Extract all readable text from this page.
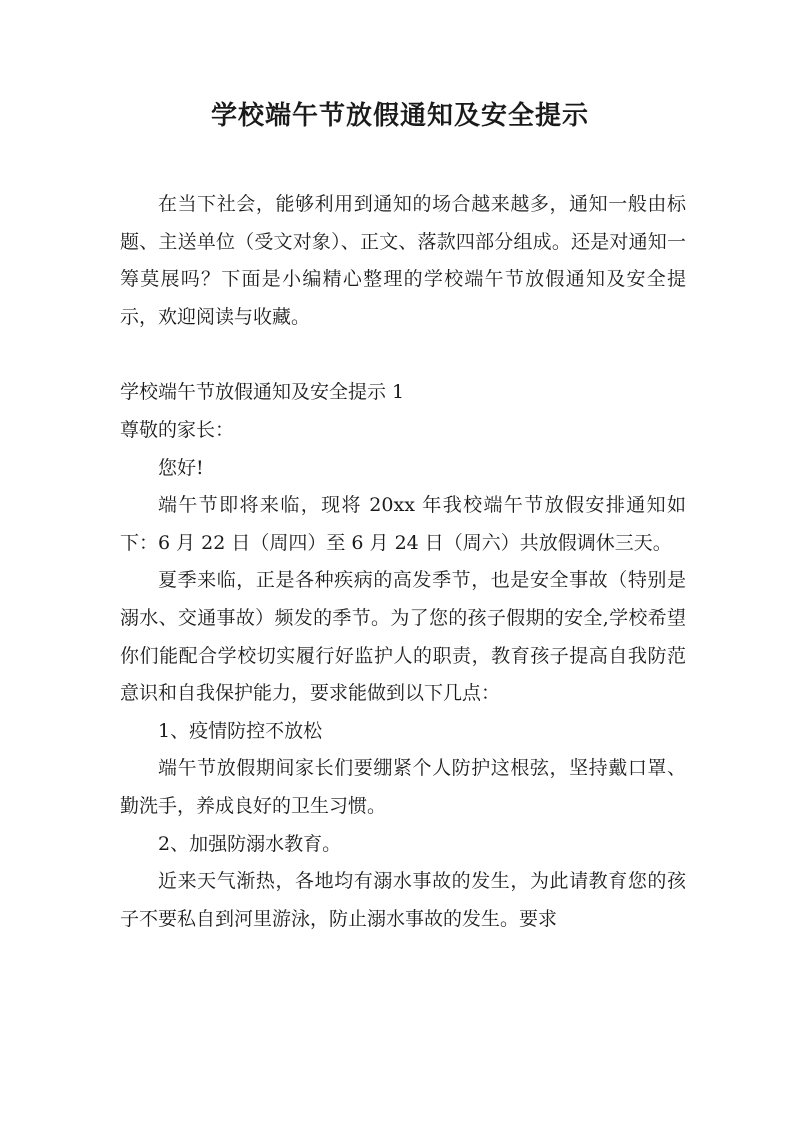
学校端午节放假通知及安全提示

在当下社会，能够利用到通知的场合越来越多，通知一般由标题、主送单位（受文对象）、正文、落款四部分组成。还是对通知一筹莫展吗？下面是小编精心整理的学校端午节放假通知及安全提示，欢迎阅读与收藏。

学校端午节放假通知及安全提示 1

尊敬的家长：

您好!

端午节即将来临，现将 20xx 年我校端午节放假安排通知如下：6 月 22 日（周四）至 6 月 24 日（周六）共放假调休三天。

夏季来临，正是各种疾病的高发季节，也是安全事故（特别是溺水、交通事故）频发的季节。为了您的孩子假期的安全,学校希望你们能配合学校切实履行好监护人的职责，教育孩子提高自我防范意识和自我保护能力，要求能做到以下几点：

1、疫情防控不放松

端午节放假期间家长们要绷紧个人防护这根弦，坚持戴口罩、勤洗手，养成良好的卫生习惯。

2、加强防溺水教育。

近来天气渐热，各地均有溺水事故的发生，为此请教育您的孩子不要私自到河里游泳，防止溺水事故的发生。要求
